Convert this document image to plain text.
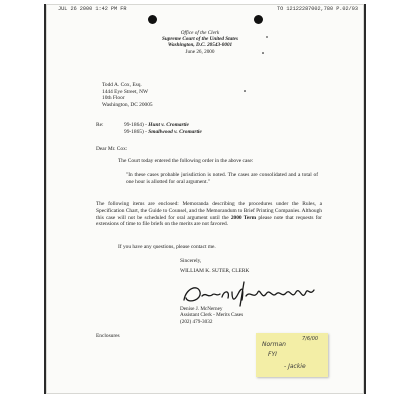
JUL 26 2000 1:42 PM FR	TO 12122287002,780 P.02/03
Office of the Clerk
Supreme Court of the United States
Washington, D.C. 20543-0001
June 26, 2000
Todd A. Cox, Esq.
1444 Eye Street, NW
10th Floor
Washington, DC 20005
Re:	99-1864) - Hunt v. Cromartie
99-1865) - Smallwood v. Cromartie
Dear Mr. Cox:
The Court today entered the following order in the above case:
"In these cases probable jurisdiction is noted. The cases are consolidated and a total of one hour is allotted for oral argument."
The following items are enclosed: Memoranda describing the procedures under the Rules, a Specification Chart, the Guide to Counsel, and the Memorandum to Brief Printing Companies. Although this case will not be scheduled for oral argument until the 2000 Term please note that requests for extensions of time to file briefs on the merits are not favored.
If you have any questions, please contact me.
Sincerely,
WILLIAM K. SUTER, CLERK
Denise J. McNerney
Assistant Clerk - Merits Cases
(202) 479-3032
Enclosures
Norman
7/6/00
FYI
- Jackie
